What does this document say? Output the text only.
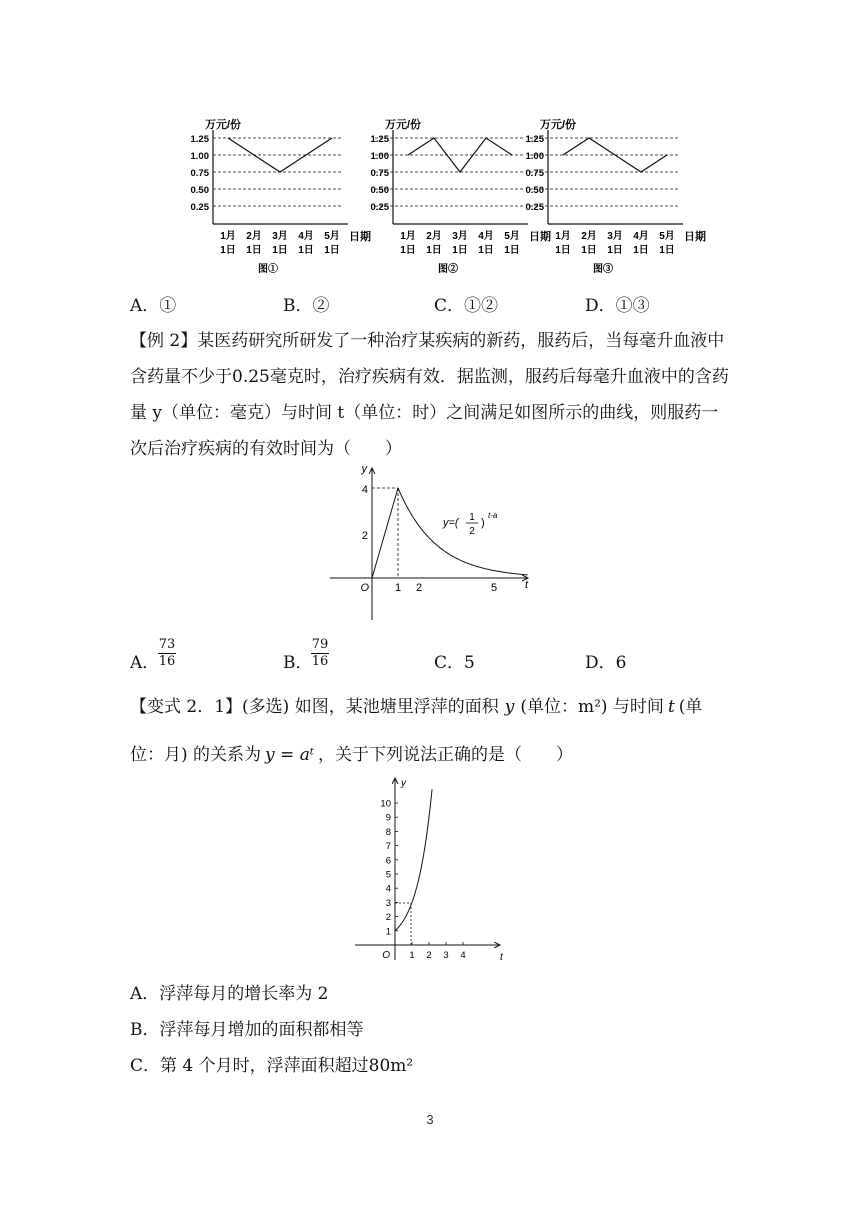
万元/份
日期
1.25
1.00
0.75
0.50
0.25
1月
1日
2月
1日
3月
1日
4月
1日
5月
1日
图①
万元/份
日期
1.25
1.00
0.75
0.50
0.25
1月
1日
2月
1日
3月
1日
4月
1日
5月
1日
图②
万元/份
日期
1.25
1.00
0.75
0.50
0.25
1月
1日
2月
1日
3月
1日
4月
1日
5月
1日
图③
A．①	B．②	C．①②	D．①③
【例 2】某医药研究所研发了一种治疗某疾病的新药，服药后，当每毫升血液中
含药量不少于0.25毫克时，治疗疾病有效．据监测，服药后每毫升血液中的含药
量 y（单位：毫克）与时间 t（单位：时）之间满足如图所示的曲线，则服药一
次后治疗疾病的有效时间为（　　）
y
t
O
4
2
1 2	5
y=( 1
2
)
t-a
A．
73
16	B．
79
16	C．5	D．6
【变式 2．1】(多选) 如图，某池塘里浮萍的面积 y (单位：m²) 与时间 t (单
位：月) 的关系为 y = aᵗ ，关于下列说法正确的是（　　）
y
t
O
10
9
8
7
6
5
4
3
2
1
1 2 3 4
A．浮萍每月的增长率为 2
B．浮萍每月增加的面积都相等
C．第 4 个月时，浮萍面积超过80m²
3
